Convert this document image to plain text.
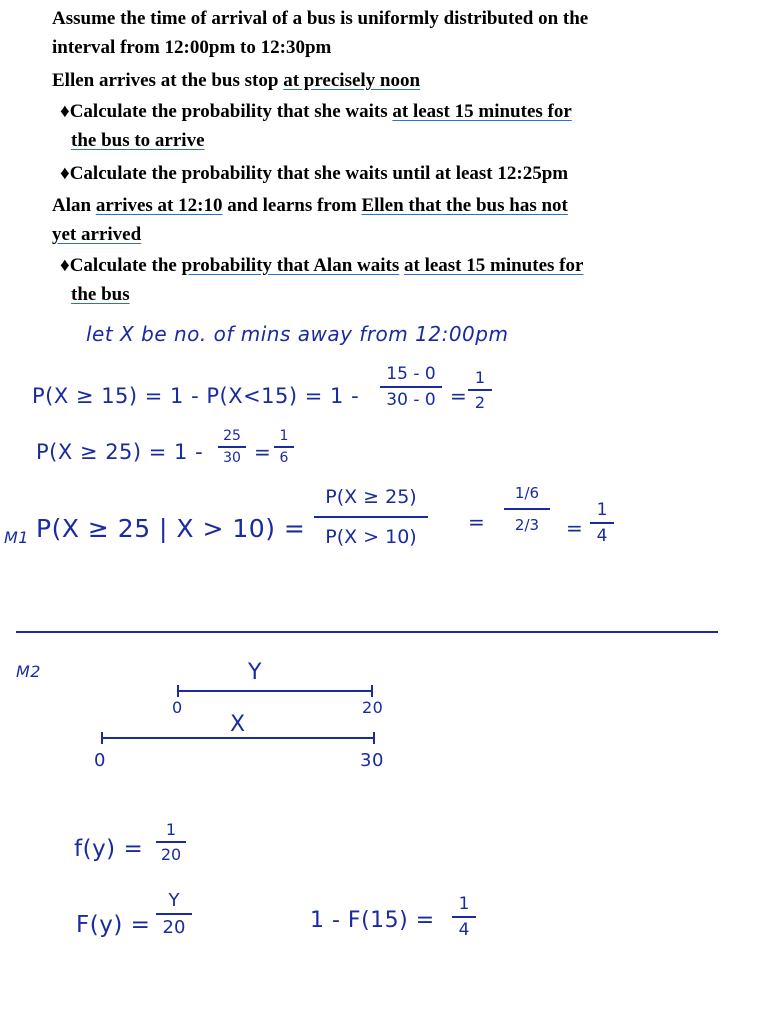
Assume the time of arrival of a bus is uniformly distributed on the
interval from 12:00pm to 12:30pm
Ellen arrives at the bus stop at precisely noon
♦Calculate the probability that she waits at least 15 minutes for
the bus to arrive
♦Calculate the probability that she waits until at least 12:25pm
Alan arrives at 12:10 and learns from Ellen that the bus has not
yet arrived
♦Calculate the probability that Alan waits at least 15 minutes for
the bus
let X be no. of mins away from 12:00pm
P(X ≥ 15) = 1 - P(X<15) = 1 -
15 - 0
30 - 0 =
1
2
P(X ≥ 25) = 1 -
25
30 =
1
6
M1 P(X ≥ 25 | X > 10) =
P(X ≥ 25)
P(X > 10)
=
1/6
2/3	=
1
4
M2	Y
0	20
X
0	30
f(y) =
1
20
F(y) =
Y
20	1 - F(15) =
1
4
